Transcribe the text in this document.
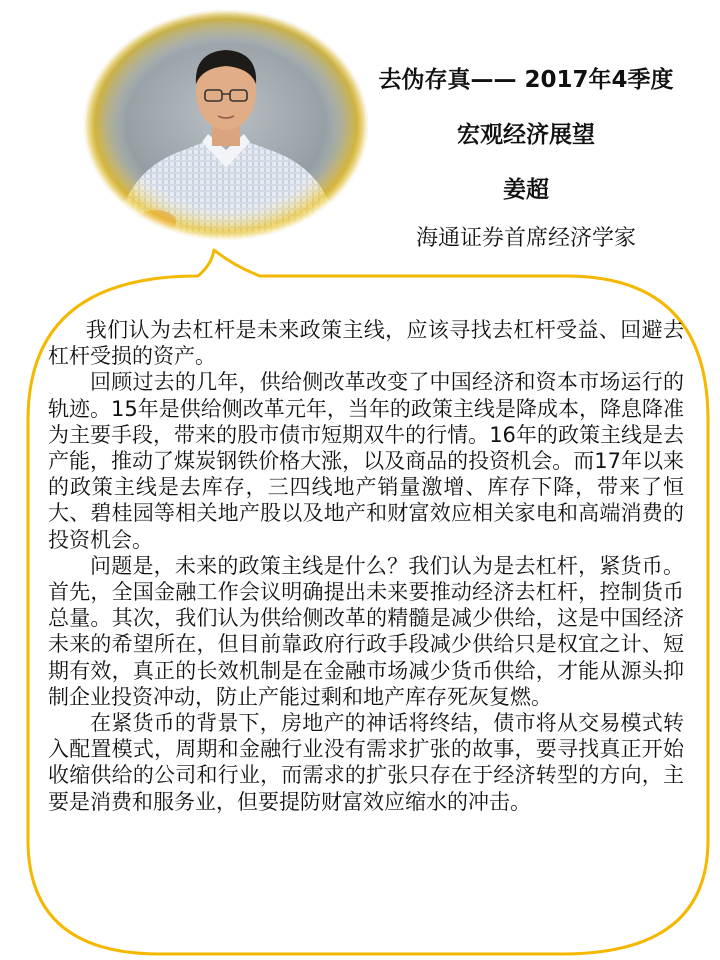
去伪存真—— 2017年4季度
宏观经济展望
姜超
海通证券首席经济学家

我们认为去杠杆是未来政策主线，应该寻找去杠杆受益、回避去杠杆受损的资产。

回顾过去的几年，供给侧改革改变了中国经济和资本市场运行的轨迹。15年是供给侧改革元年，当年的政策主线是降成本，降息降准为主要手段，带来的股市债市短期双牛的行情。16年的政策主线是去产能，推动了煤炭钢铁价格大涨，以及商品的投资机会。而17年以来的政策主线是去库存，三四线地产销量激增、库存下降，带来了恒大、碧桂园等相关地产股以及地产和财富效应相关家电和高端消费的投资机会。

问题是，未来的政策主线是什么？我们认为是去杠杆，紧货币。首先，全国金融工作会议明确提出未来要推动经济去杠杆，控制货币总量。其次，我们认为供给侧改革的精髓是减少供给，这是中国经济未来的希望所在，但目前靠政府行政手段减少供给只是权宜之计、短期有效，真正的长效机制是在金融市场减少货币供给，才能从源头抑制企业投资冲动，防止产能过剩和地产库存死灰复燃。

在紧货币的背景下，房地产的神话将终结，债市将从交易模式转入配置模式，周期和金融行业没有需求扩张的故事，要寻找真正开始收缩供给的公司和行业，而需求的扩张只存在于经济转型的方向，主要是消费和服务业，但要提防财富效应缩水的冲击。
